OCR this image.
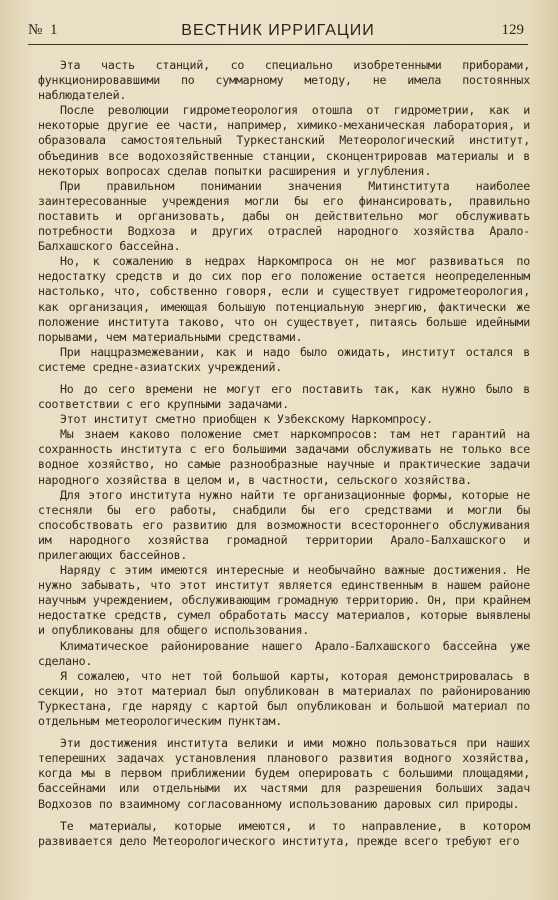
№ 1	ВЕСТНИК ИРРИГАЦИИ	129

Эта часть станций, со специально изобретенными приборами, функционировавшими по суммарному методу, не имела постоянных наблюдателей.

После революции гидрометеорология отошла от гидрометрии, как и некоторые другие ее части, например, химико-механическая лаборатория, и образовала самостоятельный Туркестанский Метеорологический институт, объединив все водохозяйственные станции, сконцентрировав материалы и в некоторых вопросах сделав попытки расширения и углубления.

При правильном понимании значения Митинститута наиболее заинтересованные учреждения могли бы его финансировать, правильно поставить и организовать, дабы он действительно мог обслуживать потребности Водхоза и других отраслей народного хозяйства Арало-Балхашского бассейна.

Но, к сожалению в недрах Наркомпроса он не мог развиваться по недостатку средств и до сих пор его положение остается неопределенным настолько, что, собственно говоря, если и существует гидрометеорология, как организация, имеющая большую потенциальную энергию, фактически же положение института таково, что он существует, питаясь больше идейными порывами, чем материальными средствами.

При наццразмежевании, как и надо было ожидать, институт остался в системе средне-азиатских учреждений.

Но до сего времени не могут его поставить так, как нужно было в соответствии с его крупными задачами.

Этот институт сметно приобщен к Узбекскому Наркомпросу.

Мы знаем каково положение смет наркомпросов: там нет гарантий на сохранность института с его большими задачами обслуживать не только все водное хозяйство, но самые разнообразные научные и практические задачи народного хозяйства в целом и, в частности, сельского хозяйства.

Для этого института нужно найти те организационные формы, которые не стесняли бы его работы, снабдили бы его средствами и могли бы способствовать его развитию для возможности всестороннего обслуживания им народного хозяйства громадной территории Арало-Балхашского и прилегающих бассейнов.

Наряду с этим имеются интересные и необычайно важные достижения. Не нужно забывать, что этот институт является единственным в нашем районе научным учреждением, обслуживающим громадную территорию. Он, при крайнем недостатке средств, сумел обработать массу материалов, которые выявлены и опубликованы для общего использования.

Климатическое районирование нашего Арало-Балхашского бассейна уже сделано.

Я сожалею, что нет той большой карты, которая демонстрировалась в секции, но этот материал был опубликован в материалах по районированию Туркестана, где наряду с картой был опубликован и большой материал по отдельным метеорологическим пунктам.

Эти достижения института велики и ими можно пользоваться при наших теперешних задачах установления планового развития водного хозяйства, когда мы в первом приближении будем оперировать с большими площадями, бассейнами или отдельными их частями для разрешения больших задач Водхозов по взаимному согласованному использованию даровых сил природы.

Те материалы, которые имеются, и то направление, в котором развивается дело Метеорологического института, прежде всего требуют его
